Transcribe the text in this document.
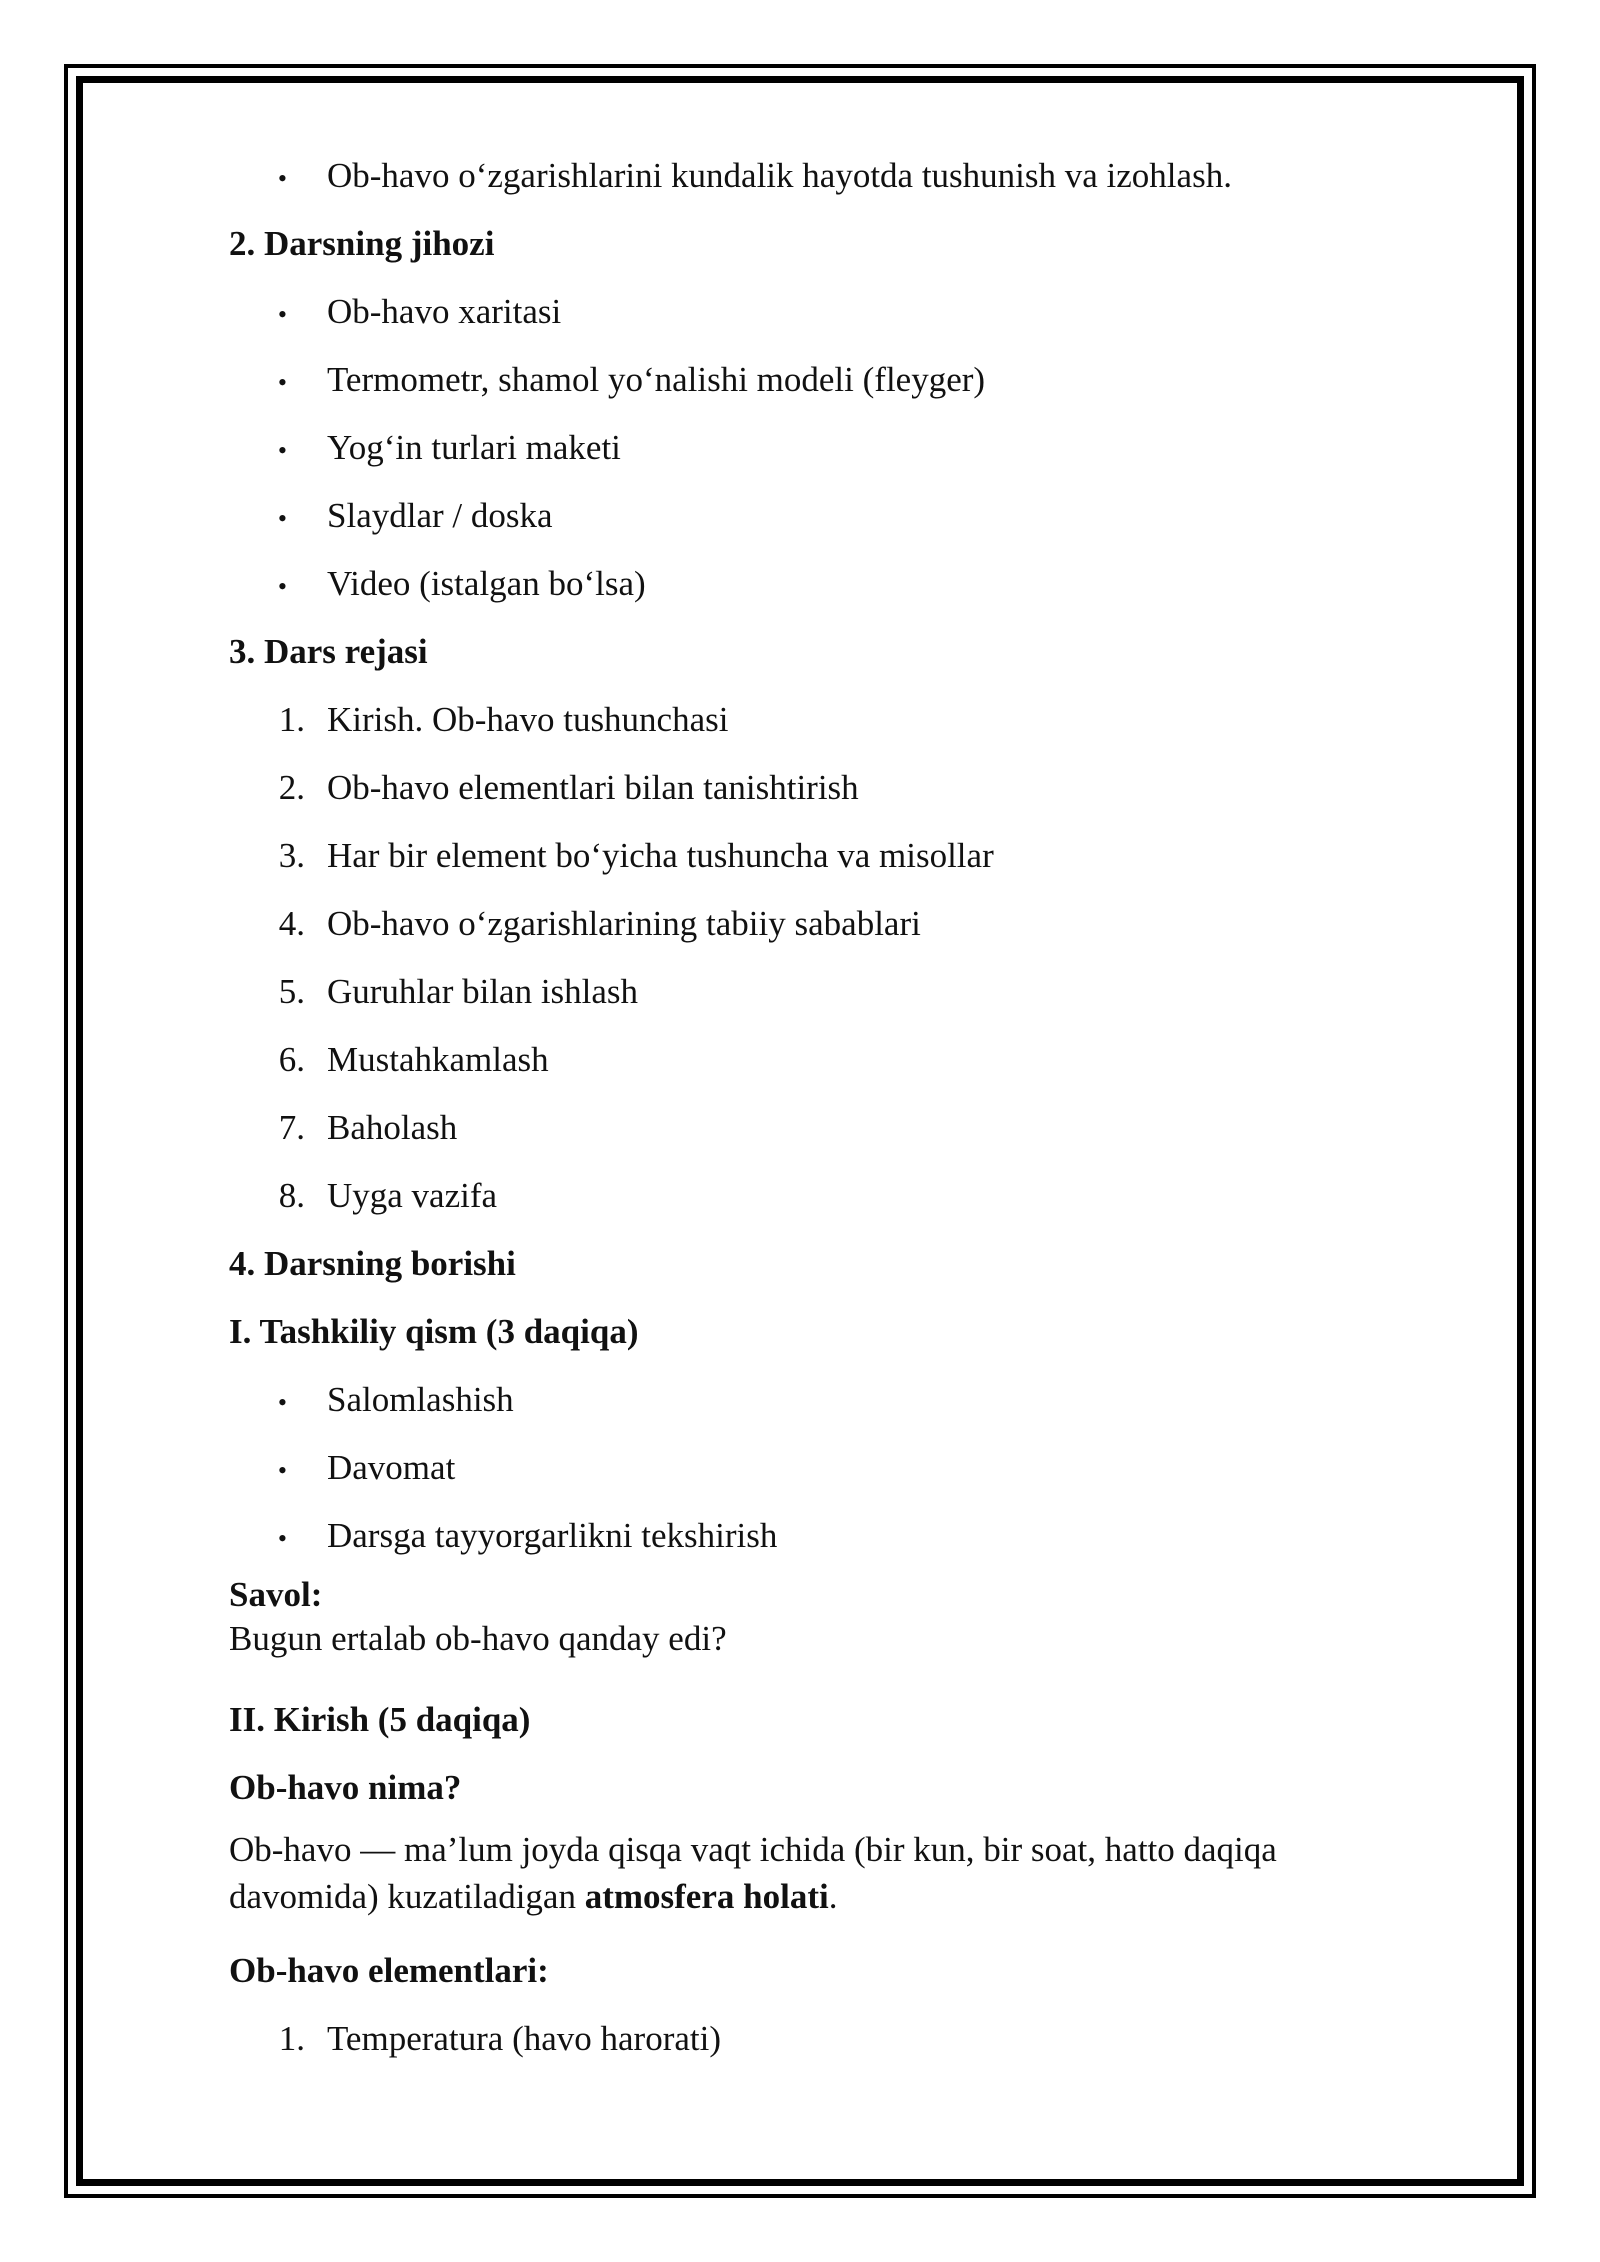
•	Ob-havo o‘zgarishlarini kundalik hayotda tushunish va izohlash.
2. Darsning jihozi
•	Ob-havo xaritasi
•	Termometr, shamol yo‘nalishi modeli (fleyger)
•	Yog‘in turlari maketi
•	Slaydlar / doska
•	Video (istalgan bo‘lsa)
3. Dars rejasi
1. Kirish. Ob-havo tushunchasi
2. Ob-havo elementlari bilan tanishtirish
3. Har bir element bo‘yicha tushuncha va misollar
4. Ob-havo o‘zgarishlarining tabiiy sabablari
5. Guruhlar bilan ishlash
6. Mustahkamlash
7. Baholash
8. Uyga vazifa
4. Darsning borishi
I. Tashkiliy qism (3 daqiqa)
•	Salomlashish
•	Davomat
•	Darsga tayyorgarlikni tekshirish
Savol:
Bugun ertalab ob-havo qanday edi?
II. Kirish (5 daqiqa)
Ob-havo nima?

Ob-havo — ma’lum joyda qisqa vaqt ichida (bir kun, bir soat, hatto daqiqa davomida) kuzatiladigan atmosfera holati.

Ob-havo elementlari:
1. Temperatura (havo harorati)
